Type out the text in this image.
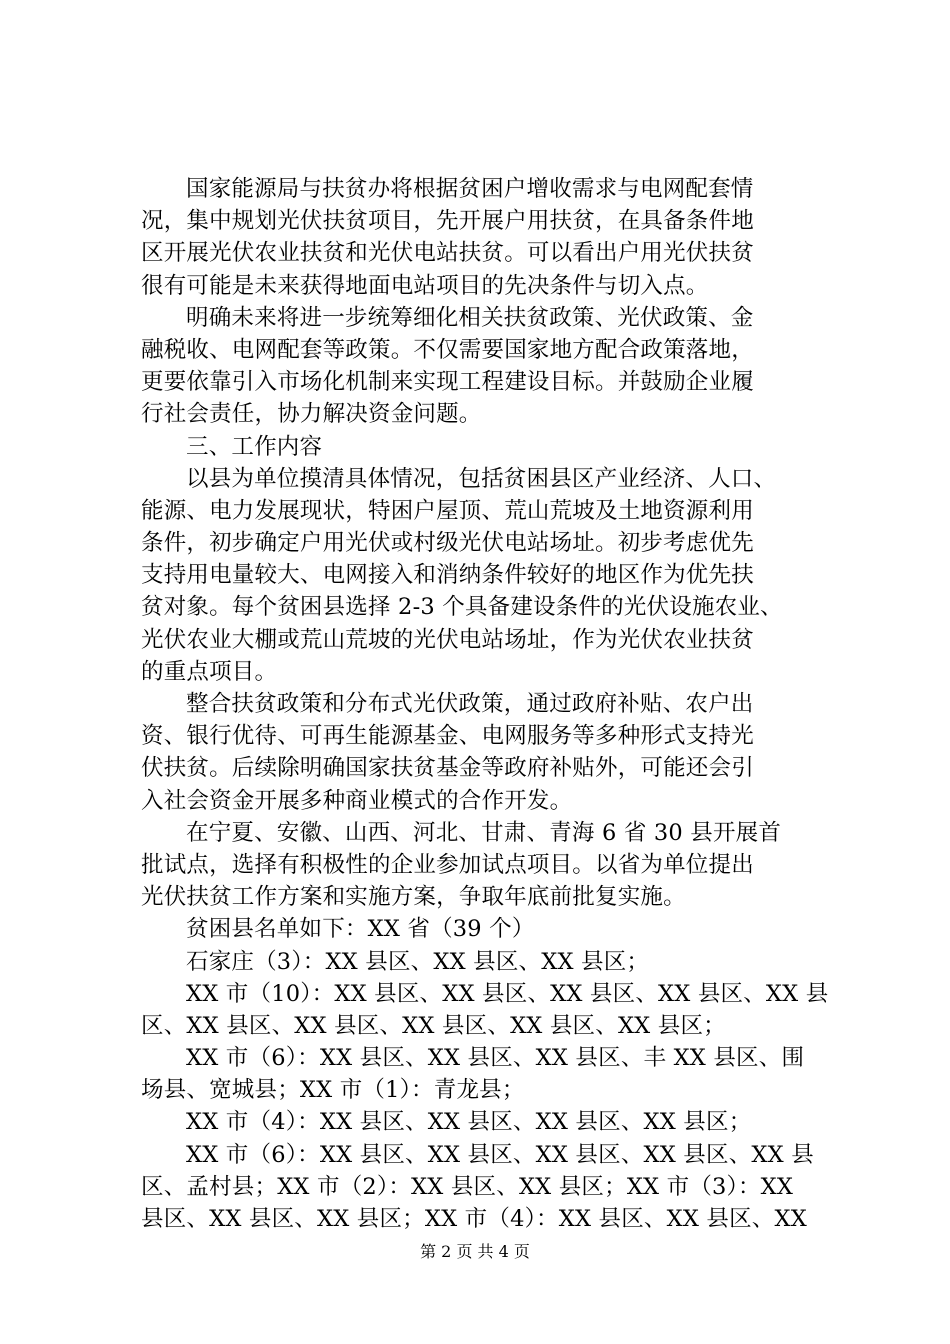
国家能源局与扶贫办将根据贫困户增收需求与电网配套情
况，集中规划光伏扶贫项目，先开展户用扶贫，在具备条件地
区开展光伏农业扶贫和光伏电站扶贫。可以看出户用光伏扶贫
很有可能是未来获得地面电站项目的先决条件与切入点。
明确未来将进一步统筹细化相关扶贫政策、光伏政策、金
融税收、电网配套等政策。不仅需要国家地方配合政策落地，
更要依靠引入市场化机制来实现工程建设目标。并鼓励企业履
行社会责任，协力解决资金问题。
三、工作内容
以县为单位摸清具体情况，包括贫困县区产业经济、人口、
能源、电力发展现状，特困户屋顶、荒山荒坡及土地资源利用
条件，初步确定户用光伏或村级光伏电站场址。初步考虑优先
支持用电量较大、电网接入和消纳条件较好的地区作为优先扶
贫对象。每个贫困县选择 2-3 个具备建设条件的光伏设施农业、
光伏农业大棚或荒山荒坡的光伏电站场址，作为光伏农业扶贫
的重点项目。
整合扶贫政策和分布式光伏政策，通过政府补贴、农户出
资、银行优待、可再生能源基金、电网服务等多种形式支持光
伏扶贫。后续除明确国家扶贫基金等政府补贴外，可能还会引
入社会资金开展多种商业模式的合作开发。
在宁夏、安徽、山西、河北、甘肃、青海 6 省 30 县开展首
批试点，选择有积极性的企业参加试点项目。以省为单位提出
光伏扶贫工作方案和实施方案，争取年底前批复实施。
贫困县名单如下：XX 省（39 个）
石家庄（3）：XX 县区、XX 县区、XX 县区；
XX 市（10）：XX 县区、XX 县区、XX 县区、XX 县区、XX 县
区、XX 县区、XX 县区、XX 县区、XX 县区、XX 县区；
XX 市（6）：XX 县区、XX 县区、XX 县区、丰 XX 县区、围
场县、宽城县；XX 市（1）：青龙县；
XX 市（4）：XX 县区、XX 县区、XX 县区、XX 县区；
XX 市（6）：XX 县区、XX 县区、XX 县区、XX 县区、XX 县
区、孟村县；XX 市（2）：XX 县区、XX 县区；XX 市（3）：XX
县区、XX 县区、XX 县区；XX 市（4）：XX 县区、XX 县区、XX
第 2 页 共 4 页
